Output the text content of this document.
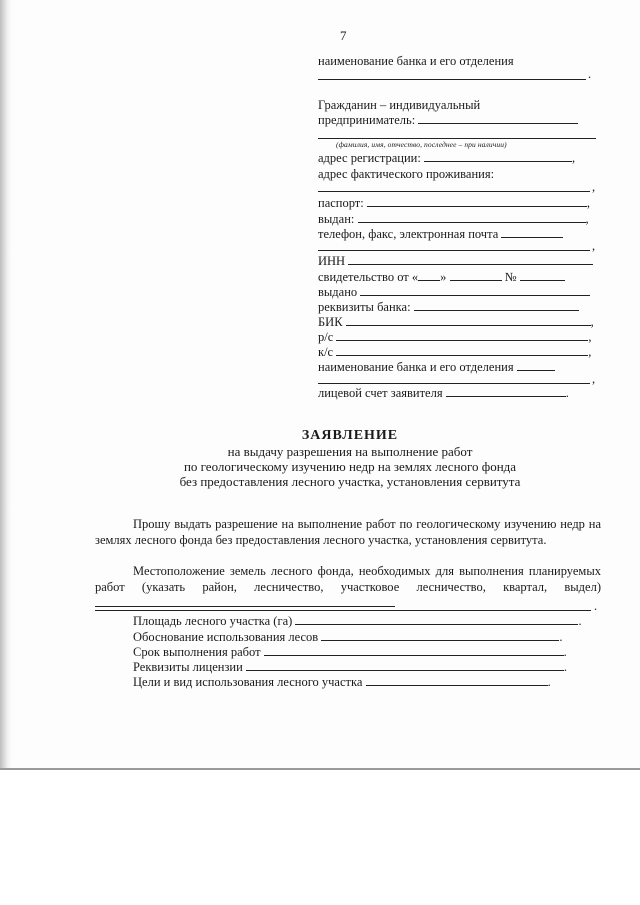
7
наименование банка и его отделения
.
Гражданин – индивидуальный
предприниматель:
(фамилия, имя, отчество, последнее – при наличии)
адрес регистрации:	,
адрес фактического проживания:
,
паспорт:	,
выдан:	,
телефон, факс, электронная почта
,
ИНН
свидетельство от « »	№
выдано
реквизиты банка:
БИК	,
р/с	,
к/с	,
наименование банка и его отделения
,
лицевой счет заявителя	.
ЗАЯВЛЕНИЕ
на выдачу разрешения на выполнение работ
по геологическому изучению недр на землях лесного фонда
без предоставления лесного участка, установления сервитута
Прошу выдать разрешение на выполнение работ по геологическому изучению недр на землях лесного фонда без предоставления лесного участка, установления сервитута.
Местоположение земель лесного фонда, необходимых для выполнения планируемых работ (указать район, лесничество, участковое лесничество, квартал, выдел)
.
Площадь лесного участка (га)	.
Обоснование использования лесов	.
Срок выполнения работ	.
Реквизиты лицензии	.
Цели и вид использования лесного участка	.
